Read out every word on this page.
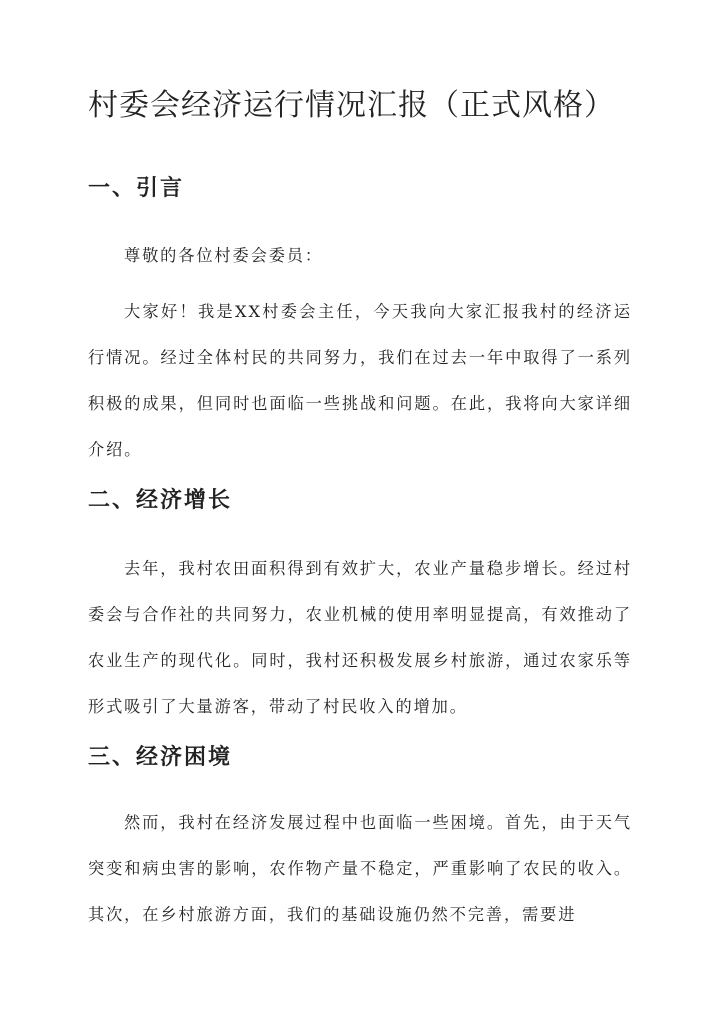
村委会经济运行情况汇报（正式风格）
一、引言

尊敬的各位村委会委员：

大家好！我是XX村委会主任，今天我向大家汇报我村的经济运行情况。经过全体村民的共同努力，我们在过去一年中取得了一系列积极的成果，但同时也面临一些挑战和问题。在此，我将向大家详细介绍。

二、经济增长

去年，我村农田面积得到有效扩大，农业产量稳步增长。经过村委会与合作社的共同努力，农业机械的使用率明显提高，有效推动了农业生产的现代化。同时，我村还积极发展乡村旅游，通过农家乐等形式吸引了大量游客，带动了村民收入的增加。

三、经济困境

然而，我村在经济发展过程中也面临一些困境。首先，由于天气突变和病虫害的影响，农作物产量不稳定，严重影响了农民的收入。其次，在乡村旅游方面，我们的基础设施仍然不完善，需要进
